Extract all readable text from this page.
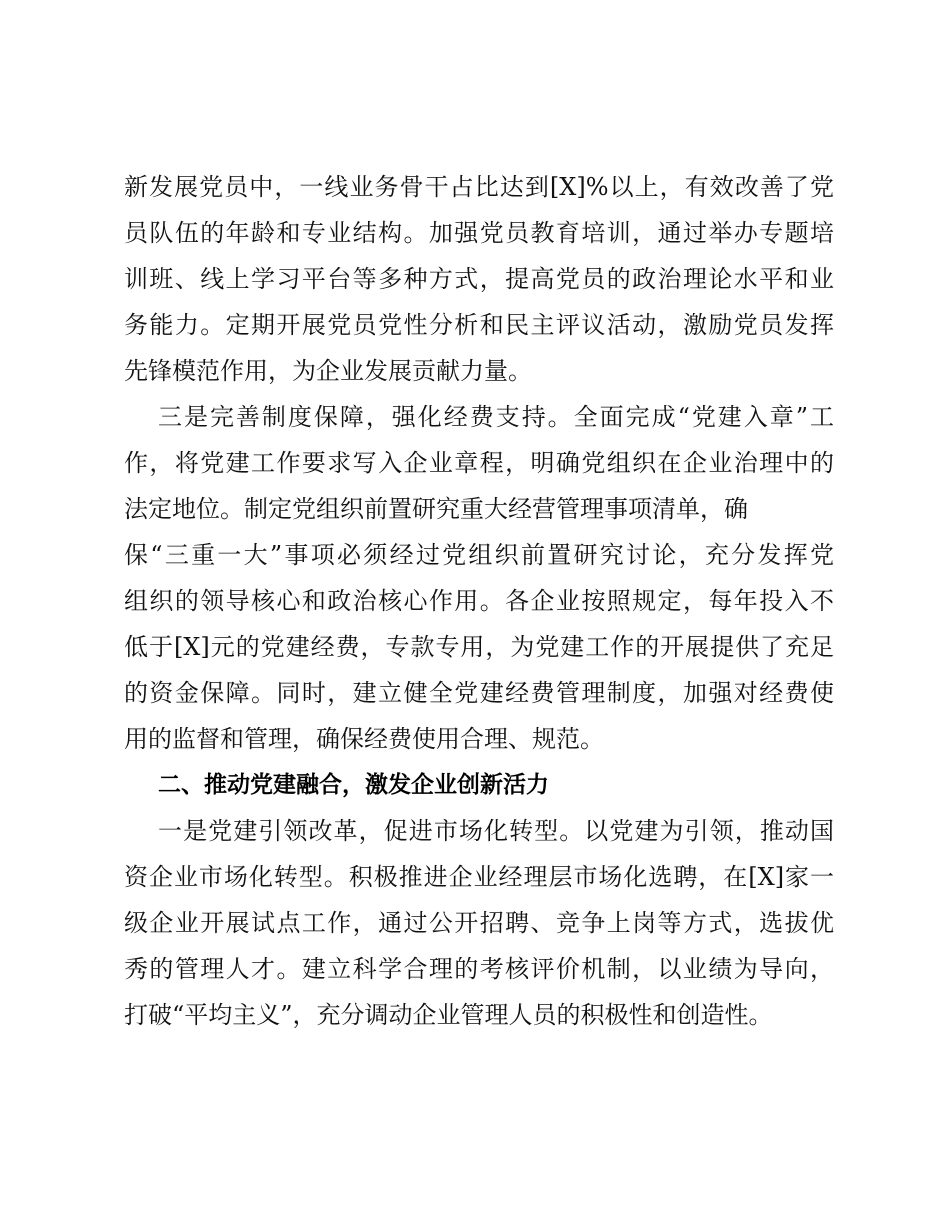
新发展党员中，一线业务骨干占比达到[X]%以上，有效改善了党
员队伍的年龄和专业结构。加强党员教育培训，通过举办专题培
训班、线上学习平台等多种方式，提高党员的政治理论水平和业
务能力。定期开展党员党性分析和民主评议活动，激励党员发挥
先锋模范作用，为企业发展贡献力量。
三是完善制度保障，强化经费支持。全面完成“党建入章”工
作，将党建工作要求写入企业章程，明确党组织在企业治理中的
法定地位。制定党组织前置研究重大经营管理事项清单，确
保“三重一大”事项必须经过党组织前置研究讨论，充分发挥党
组织的领导核心和政治核心作用。各企业按照规定，每年投入不
低于[X]元的党建经费，专款专用，为党建工作的开展提供了充足
的资金保障。同时，建立健全党建经费管理制度，加强对经费使
用的监督和管理，确保经费使用合理、规范。
二、推动党建融合，激发企业创新活力
一是党建引领改革，促进市场化转型。以党建为引领，推动国
资企业市场化转型。积极推进企业经理层市场化选聘，在[X]家一
级企业开展试点工作，通过公开招聘、竞争上岗等方式，选拔优
秀的管理人才。建立科学合理的考核评价机制，以业绩为导向，
打破“平均主义”，充分调动企业管理人员的积极性和创造性。
